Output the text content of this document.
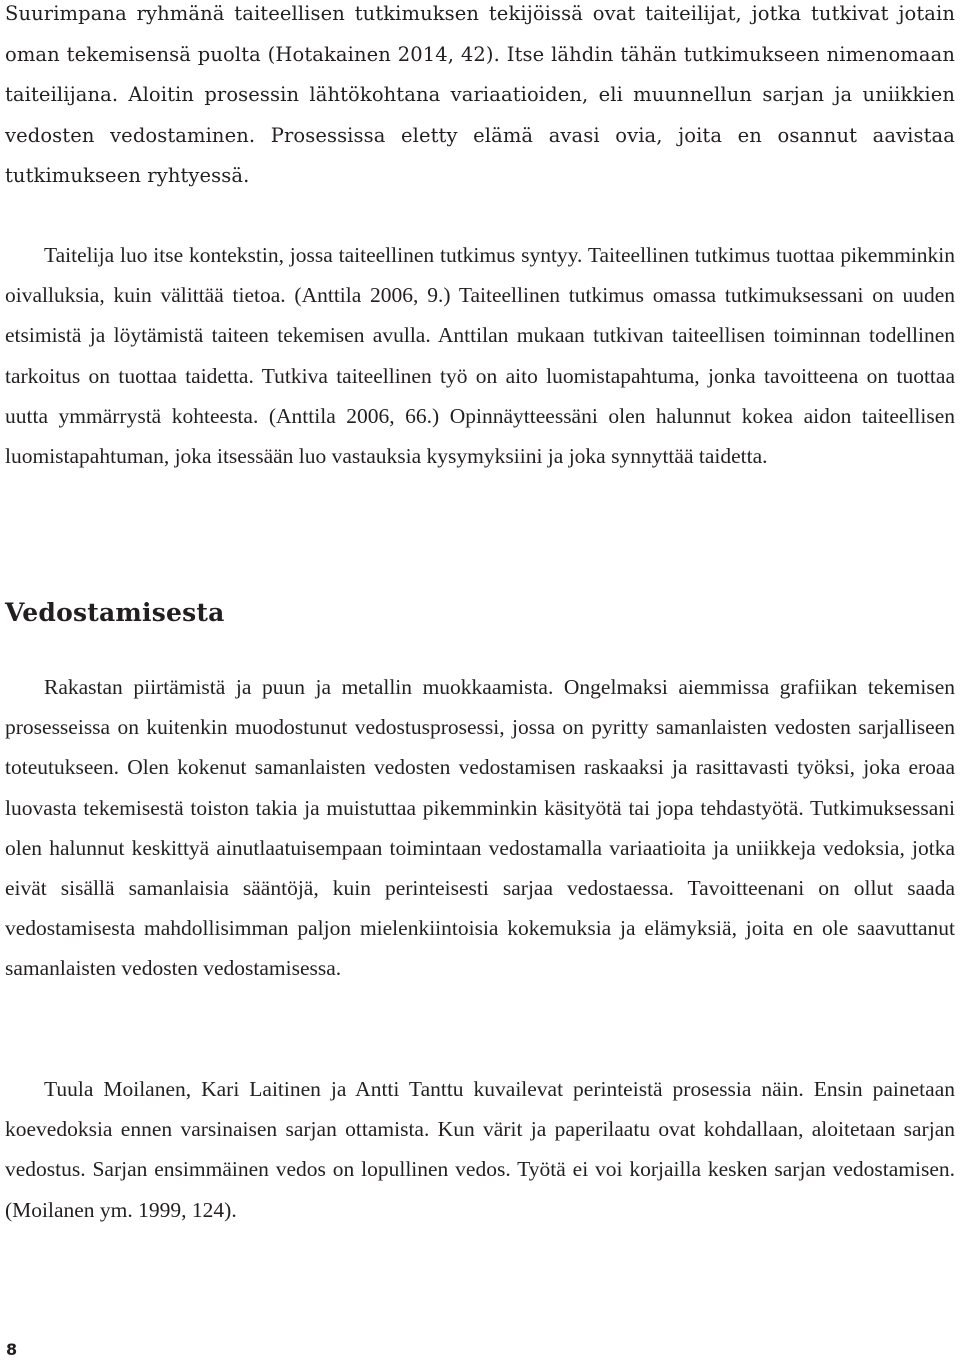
Suurimpana ryhmänä taiteellisen tutkimuksen tekijöissä ovat taiteilijat, jotka tutkivat jotain oman tekemisensä puolta (Hotakainen 2014, 42). Itse lähdin tähän tutkimukseen nimenomaan taiteilijana. Aloitin prosessin lähtökohtana variaatioiden, eli muunnellun sarjan ja uniikkien vedosten vedostaminen. Prosessissa eletty elämä avasi ovia, joita en osannut aavistaa tutkimukseen ryhtyessä.

Taitelija luo itse kontekstin, jossa taiteellinen tutkimus syntyy. Taiteellinen tutkimus tuottaa pikemminkin oivalluksia, kuin välittää tietoa. (Anttila 2006, 9.) Taiteellinen tutkimus omassa tutkimuksessani on uuden etsimistä ja löytämistä taiteen tekemisen avulla. Anttilan mukaan tutkivan taiteellisen toiminnan todellinen tarkoitus on tuottaa taidetta. Tutkiva taiteellinen työ on aito luomistapahtuma, jonka tavoitteena on tuottaa uutta ymmärrystä kohteesta. (Anttila 2006, 66.) Opinnäytteessäni olen halunnut kokea aidon taiteellisen luomistapahtuman, joka itsessään luo vastauksia kysymyksiini ja joka synnyttää taidetta.

Vedostamisesta

Rakastan piirtämistä ja puun ja metallin muokkaamista. Ongelmaksi aiemmissa grafiikan tekemisen prosesseissa on kuitenkin muodostunut vedostusprosessi, jossa on pyritty samanlaisten vedosten sarjalliseen toteutukseen. Olen kokenut samanlaisten vedosten vedostamisen raskaaksi ja rasittavasti työksi, joka eroaa luovasta tekemisestä toiston takia ja muistuttaa pikemminkin käsityötä tai jopa tehdastyötä. Tutkimuksessani olen halunnut keskittyä ainutlaatuisempaan toimintaan vedostamalla variaatioita ja uniikkeja vedoksia, jotka eivät sisällä samanlaisia sääntöjä, kuin perinteisesti sarjaa vedostaessa. Tavoitteenani on ollut saada vedostamisesta mahdollisimman paljon mielenkiintoisia kokemuksia ja elämyksiä, joita en ole saavuttanut samanlaisten vedosten vedostamisessa.

Tuula Moilanen, Kari Laitinen ja Antti Tanttu kuvailevat perinteistä prosessia näin. Ensin painetaan koevedoksia ennen varsinaisen sarjan ottamista. Kun värit ja paperilaatu ovat kohdallaan, aloitetaan sarjan vedostus. Sarjan ensimmäinen vedos on lopullinen vedos. Työtä ei voi korjailla kesken sarjan vedostamisen. (Moilanen ym. 1999, 124).

8
